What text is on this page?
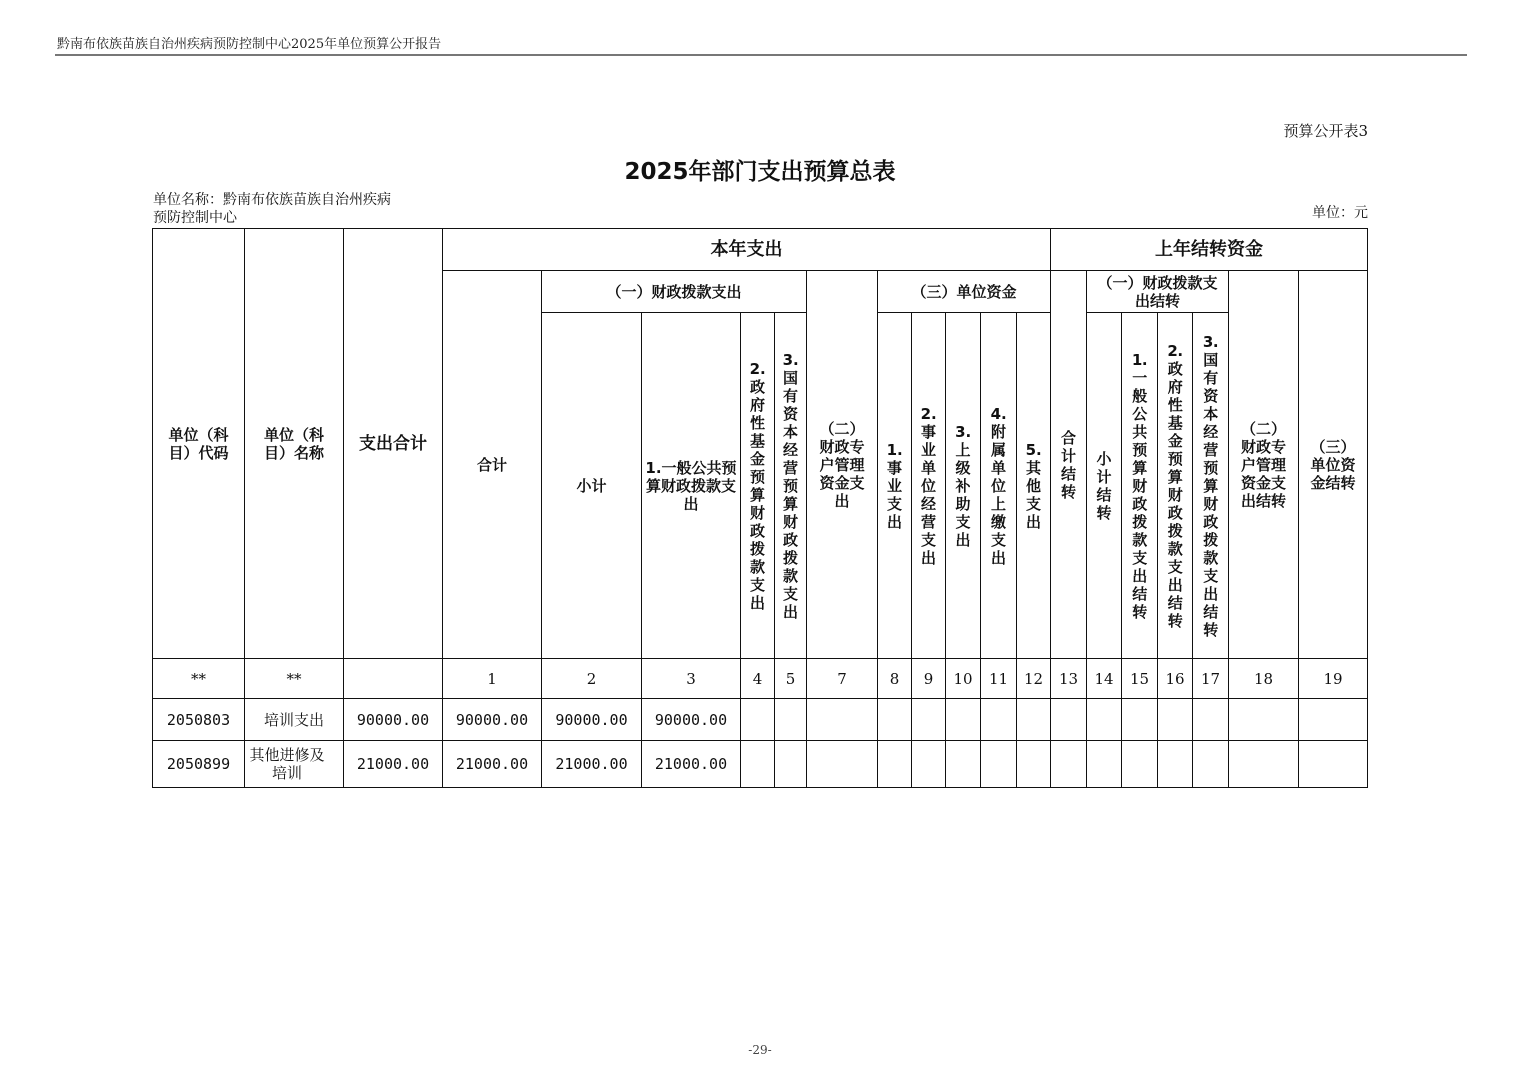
黔南布依族苗族自治州疾病预防控制中心2025年单位预算公开报告
预算公开表3
2025年部门支出预算总表
单位名称：黔南布依族苗族自治州疾病
预防控制中心	单位：元
单位（科目）代码	单位（科目）名称	支出合计	本年支出											上年结转资金						
			合计	（一）财政拨款支出				（二）财政专户管理资金支出	（三）单位资金					合计结转	（一）财政拨款支出结转				（二）财政专户管理资金支出结转	（三）单位资金结转

				小计	1.一般公共预算财政拨款支出	2.政府性基金预算财政拨款支出	3.国有资本经营预算财政拨款支出		1.事业支出	2.事业单位经营支出	3.上级补助支出	4.附属单位上缴支出	5.其他支出		小计结转	1.一般公共预算财政拨款支出结转	2.政府性基金预算财政拨款支出结转	3.国有资本经营预算财政拨款支出结转		
**	**		1	2	3	4	5	7	8	9	10	11	12	13	14	15	16	17	18	19
2050803	培训支出	90000.00	90000.00	90000.00	90000.00															
2050899	其他进修及培训	21000.00	21000.00	21000.00	21000.00															
-29-
